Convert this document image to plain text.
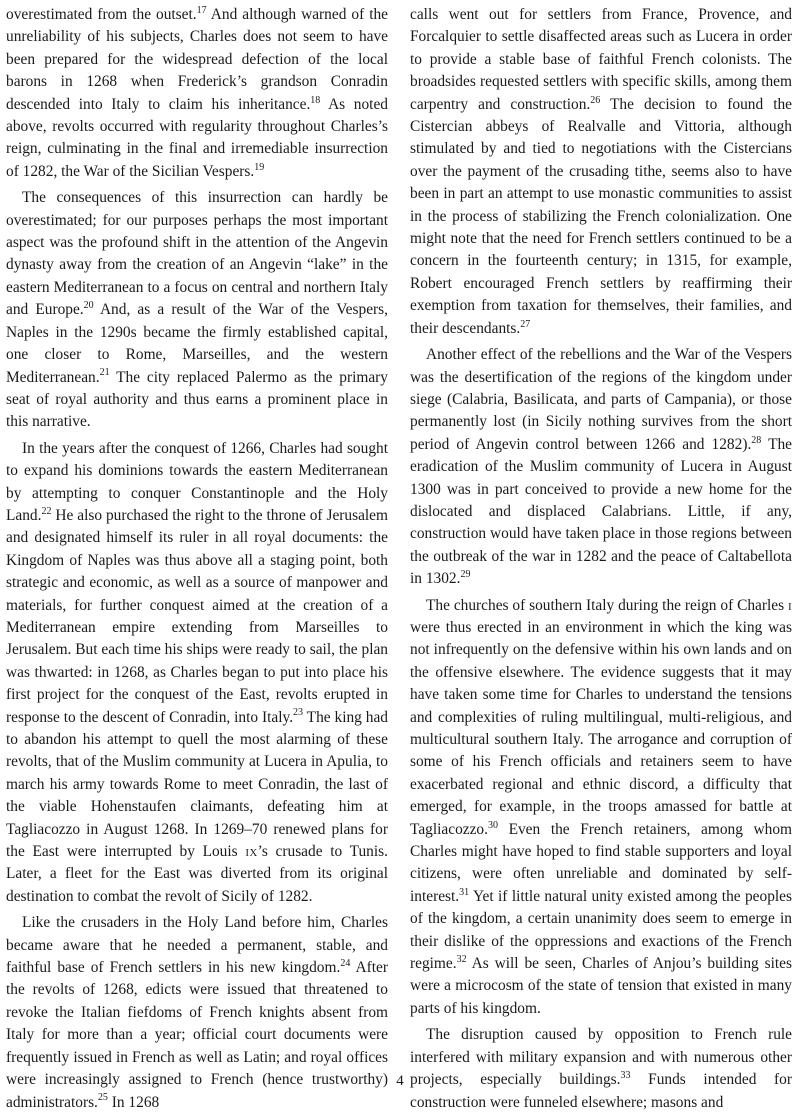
overestimated from the outset.$^{17}$ And although warned of the unreliability of his subjects, Charles does not seem to have been prepared for the widespread defection of the local barons in 1268 when Frederick’s grandson Conradin descended into Italy to claim his inheritance.$^{18}$ As noted above, revolts occurred with regularity throughout Charles’s reign, culminating in the final and irremediable insurrection of 1282, the War of the Sicilian Vespers.$^{19}$

The consequences of this insurrection can hardly be overestimated; for our purposes perhaps the most important aspect was the profound shift in the attention of the Angevin dynasty away from the creation of an Angevin “lake” in the eastern Mediterranean to a focus on central and northern Italy and Europe.$^{20}$ And, as a result of the War of the Vespers, Naples in the 1290s became the firmly established capital, one closer to Rome, Marseilles, and the western Mediterranean.$^{21}$ The city replaced Palermo as the primary seat of royal authority and thus earns a prominent place in this narrative.

In the years after the conquest of 1266, Charles had sought to expand his dominions towards the eastern Mediterranean by attempting to conquer Constantinople and the Holy Land.$^{22}$ He also purchased the right to the throne of Jerusalem and designated himself its ruler in all royal documents: the Kingdom of Naples was thus above all a staging point, both strategic and economic, as well as a source of manpower and materials, for further conquest aimed at the creation of a Mediterranean empire extending from Marseilles to Jerusalem. But each time his ships were ready to sail, the plan was thwarted: in 1268, as Charles began to put into place his first project for the conquest of the East, revolts erupted in response to the descent of Conradin, into Italy.$^{23}$ The king had to abandon his attempt to quell the most alarming of these revolts, that of the Muslim community at Lucera in Apulia, to march his army towards Rome to meet Conradin, the last of the viable Hohenstaufen claimants, defeating him at Tagliacozzo in August 1268. In 1269–70 renewed plans for the East were interrupted by Louis ix’s crusade to Tunis. Later, a fleet for the East was diverted from its original destination to combat the revolt of Sicily of 1282.

Like the crusaders in the Holy Land before him, Charles became aware that he needed a permanent, stable, and faithful base of French settlers in his new kingdom.$^{24}$ After the revolts of 1268, edicts were issued that threatened to revoke the Italian fiefdoms of French knights absent from Italy for more than a year; official court documents were frequently issued in French as well as Latin; and royal offices were increasingly assigned to French (hence trustworthy) administrators.$^{25}$ In 1268

calls went out for settlers from France, Provence, and Forcalquier to settle disaffected areas such as Lucera in order to provide a stable base of faithful French colonists. The broadsides requested settlers with specific skills, among them carpentry and construction.$^{26}$ The decision to found the Cistercian abbeys of Realvalle and Vittoria, although stimulated by and tied to negotiations with the Cistercians over the payment of the crusading tithe, seems also to have been in part an attempt to use monastic communities to assist in the process of stabilizing the French colonialization. One might note that the need for French settlers continued to be a concern in the fourteenth century; in 1315, for example, Robert encouraged French settlers by reaffirming their exemption from taxation for themselves, their families, and their descendants.$^{27}$

Another effect of the rebellions and the War of the Vespers was the desertification of the regions of the kingdom under siege (Calabria, Basilicata, and parts of Campania), or those permanently lost (in Sicily nothing survives from the short period of Angevin control between 1266 and 1282).$^{28}$ The eradication of the Muslim community of Lucera in August 1300 was in part conceived to provide a new home for the dislocated and displaced Calabrians. Little, if any, construction would have taken place in those regions between the outbreak of the war in 1282 and the peace of Caltabellota in 1302.29

The churches of southern Italy during the reign of Charles i were thus erected in an environment in which the king was not infrequently on the defensive within his own lands and on the offensive elsewhere. The evidence suggests that it may have taken some time for Charles to understand the tensions and complexities of ruling multilingual, multi-religious, and multicultural southern Italy. The arrogance and corruption of some of his French officials and retainers seem to have exacerbated regional and ethnic discord, a difficulty that emerged, for example, in the troops amassed for battle at Tagliacozzo.$^{30}$ Even the French retainers, among whom Charles might have hoped to find stable supporters and loyal citizens, were often unreliable and dominated by self-interest.$^{31}$ Yet if little natural unity existed among the peoples of the kingdom, a certain unanimity does seem to emerge in their dislike of the oppressions and exactions of the French regime.$^{32}$ As will be seen, Charles of Anjou’s building sites were a microcosm of the state of tension that existed in many parts of his kingdom.

The disruption caused by opposition to French rule interfered with military expansion and with numerous other projects, especially buildings.$^{33}$ Funds intended for construction were funneled elsewhere; masons and

4
